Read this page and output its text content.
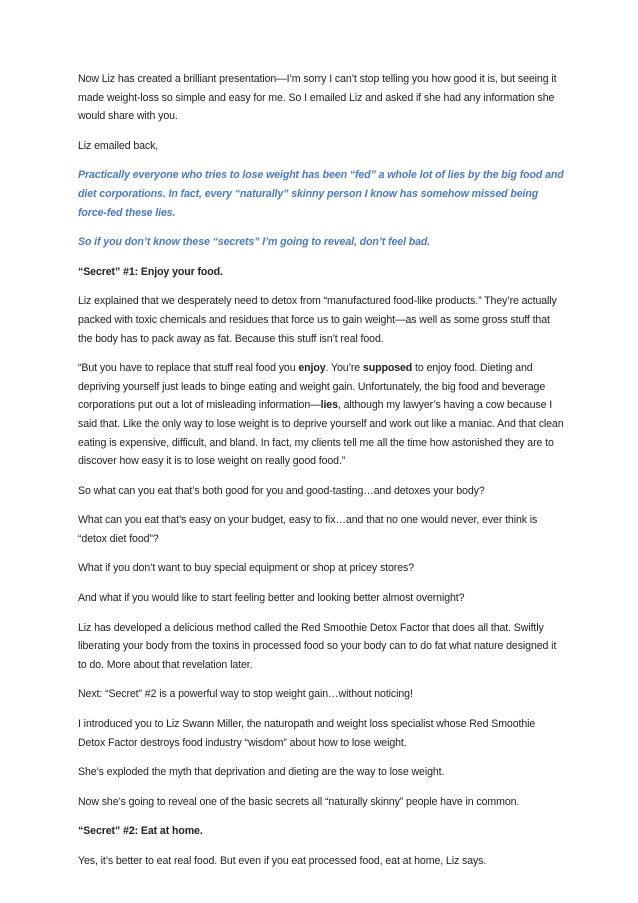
Now Liz has created a brilliant presentation—I’m sorry I can’t stop telling you how good it is, but seeing it made weight-loss so simple and easy for me. So I emailed Liz and asked if she had any information she would share with you.

Liz emailed back,

Practically everyone who tries to lose weight has been “fed” a whole lot of lies by the big food and diet corporations. In fact, every “naturally” skinny person I know has somehow missed being force-fed these lies.

So if you don’t know these “secrets” I’m going to reveal, don’t feel bad.

“Secret” #1: Enjoy your food.

Liz explained that we desperately need to detox from “manufactured food-like products.” They’re actually packed with toxic chemicals and residues that force us to gain weight—as well as some gross stuff that the body has to pack away as fat. Because this stuff isn’t real food.

“But you have to replace that stuff real food you enjoy. You’re supposed to enjoy food. Dieting and depriving yourself just leads to binge eating and weight gain. Unfortunately, the big food and beverage corporations put out a lot of misleading information—lies, although my lawyer’s having a cow because I said that. Like the only way to lose weight is to deprive yourself and work out like a maniac. And that clean eating is expensive, difficult, and bland. In fact, my clients tell me all the time how astonished they are to discover how easy it is to lose weight on really good food.”

So what can you eat that’s both good for you and good-tasting…and detoxes your body?

What can you eat that’s easy on your budget, easy to fix…and that no one would never, ever think is “detox diet food”?

What if you don’t want to buy special equipment or shop at pricey stores?

And what if you would like to start feeling better and looking better almost overnight?

Liz has developed a delicious method called the Red Smoothie Detox Factor that does all that. Swiftly liberating your body from the toxins in processed food so your body can to do fat what nature designed it to do. More about that revelation later.

Next: “Secret” #2 is a powerful way to stop weight gain…without noticing!

I introduced you to Liz Swann Miller, the naturopath and weight loss specialist whose Red Smoothie Detox Factor destroys food industry “wisdom” about how to lose weight.

She’s exploded the myth that deprivation and dieting are the way to lose weight.

Now she’s going to reveal one of the basic secrets all “naturally skinny” people have in common.

“Secret” #2: Eat at home.

Yes, it’s better to eat real food. But even if you eat processed food, eat at home, Liz says.
